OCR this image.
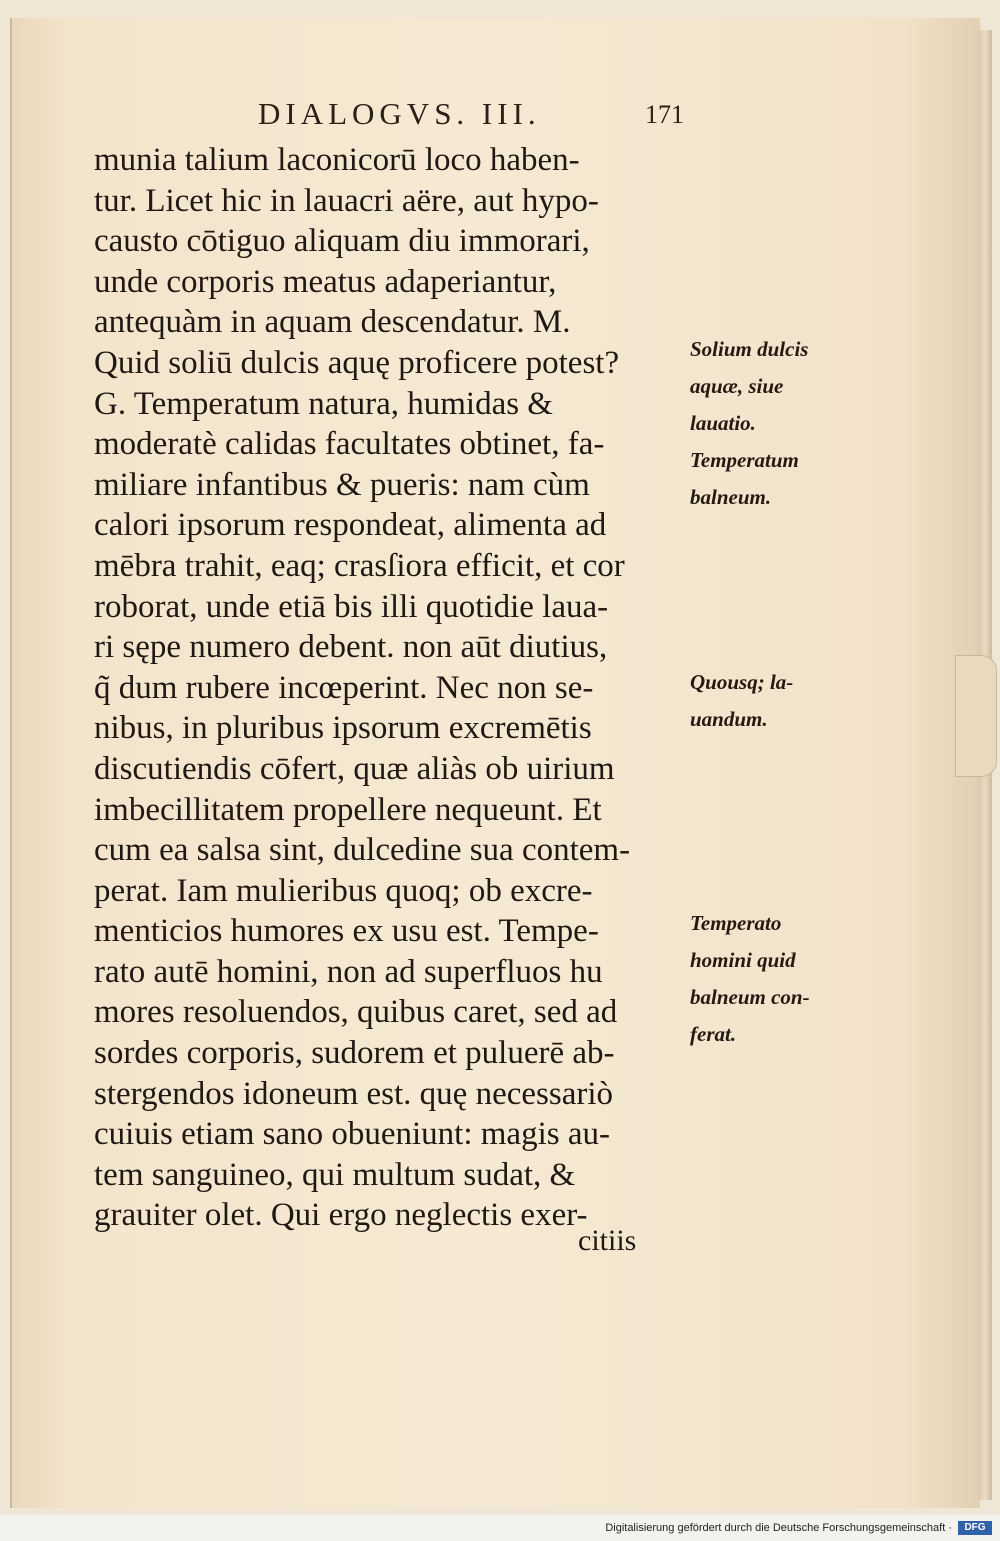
DIALOGVS. III.	171
munia talium laconicorū loco haben-
tur. Licet hic in lauacri aëre, aut hypo-
causto cōtiguo aliquam diu immorari,
unde corporis meatus adaperiantur,
antequàm in aquam descendatur. M.
Quid soliū dulcis aquę proficere potest?
G. Temperatum natura, humidas &
moderatè calidas facultates obtinet, fa-
miliare infantibus & pueris: nam cùm
calori ipsorum respondeat, alimenta ad
mēbra trahit, eaq; crasſiora efficit, et cor
roborat, unde etiā bis illi quotidie laua-
ri sępe numero debent. non aūt diutius,
q̃ dum rubere incœperint. Nec non se-
nibus, in pluribus ipsorum excremētis
discutiendis cōfert, quæ aliàs ob uirium
imbecillitatem propellere nequeunt. Et
cum ea salsa sint, dulcedine sua contem-
perat. Iam mulieribus quoq; ob excre-
menticios humores ex usu est. Tempe-
rato autē homini, non ad superfluos hu
mores resoluendos, quibus caret, sed ad
sordes corporis, sudorem et puluerē ab-
stergendos idoneum est. quę necessariò
cuiuis etiam sano obueniunt: magis au-
tem sanguineo, qui multum sudat, &
grauiter olet. Qui ergo neglectis exer-
citiis
Solium dulcis
aquæ, siue
lauatio.
Temperatum
balneum.
Quousq; la-
uandum.
Temperato
homini quid
balneum con-
ferat.
Digitalisierung gefördert durch die Deutsche Forschungsgemeinschaft ·	DFG
